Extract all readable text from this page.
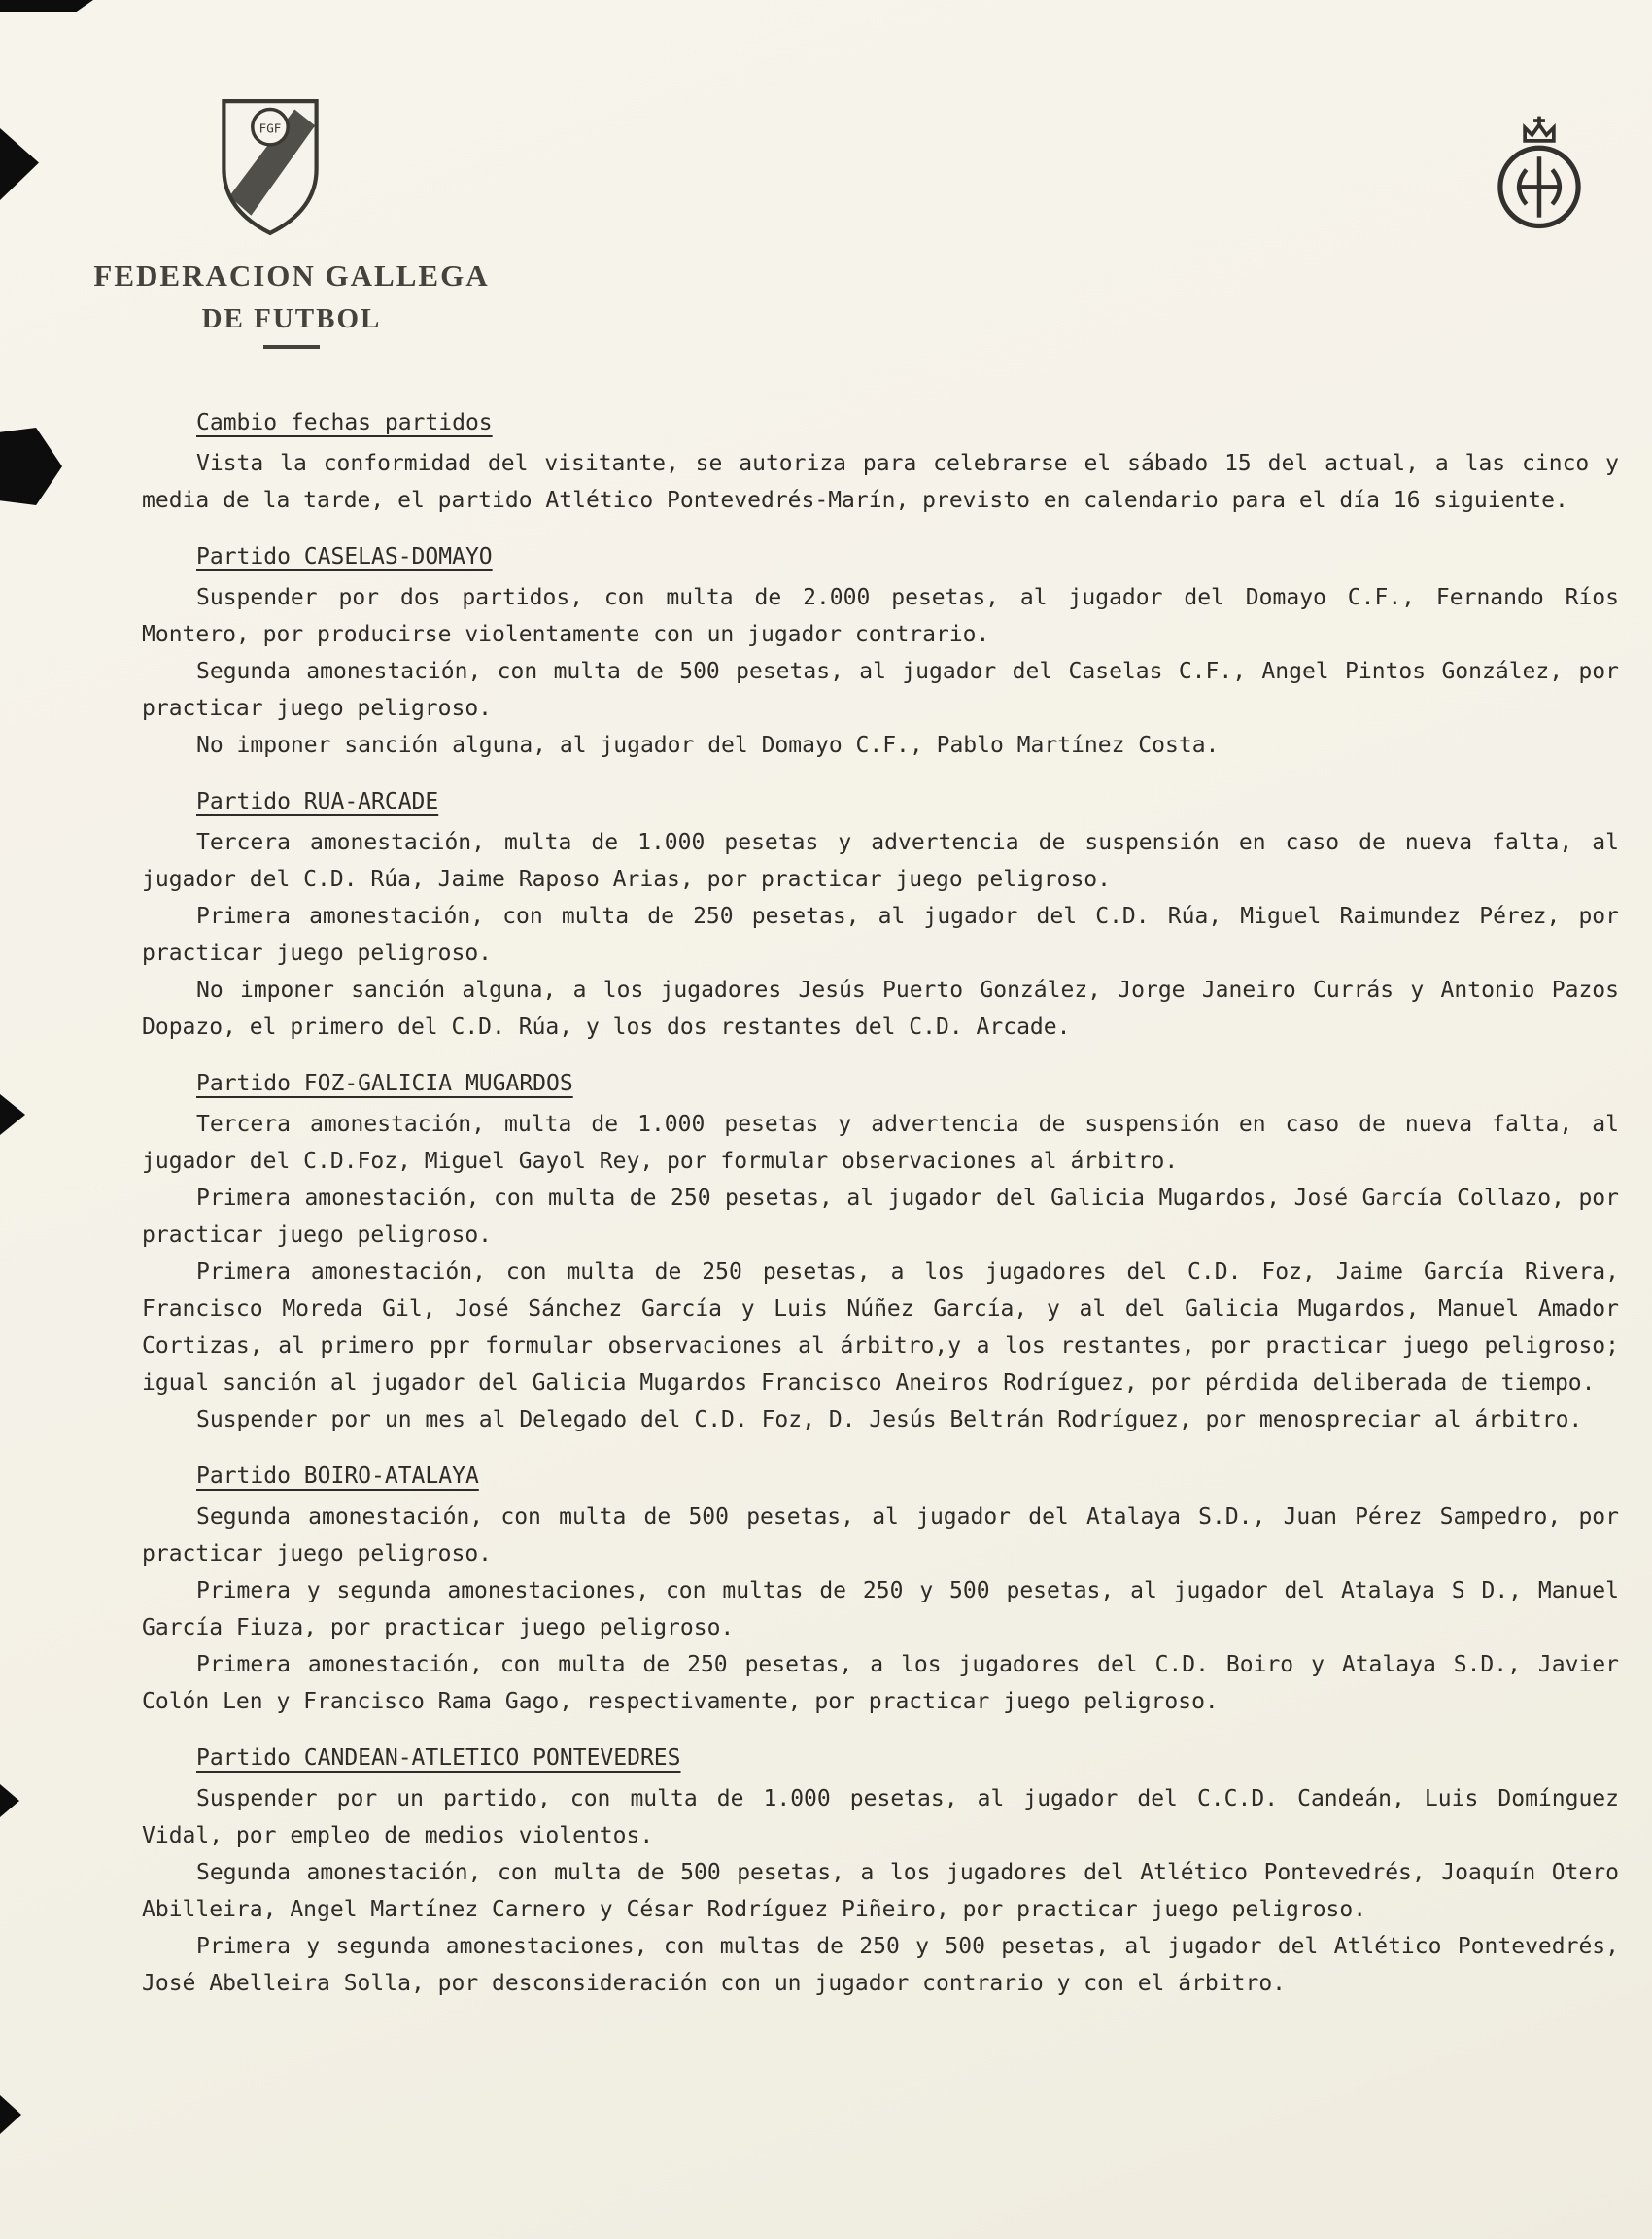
FGF
FEDERACION GALLEGA
DE FUTBOL
Cambio fechas partidos

Vista la conformidad del visitante, se autoriza para celebrarse el sábado 15 del actual, a las cinco y media de la tarde, el partido Atlético Pontevedrés-Marín, previsto en calendario para el día 16 siguiente.

Partido CASELAS-DOMAYO

Suspender por dos partidos, con multa de 2.000 pesetas, al jugador del Domayo C.F., Fernando Ríos Montero, por producirse violentamente con un jugador contrario.

Segunda amonestación, con multa de 500 pesetas, al jugador del Caselas C.F., Angel Pintos González, por practicar juego peligroso.

No imponer sanción alguna, al jugador del Domayo C.F., Pablo Martínez Costa.

Partido RUA-ARCADE

Tercera amonestación, multa de 1.000 pesetas y advertencia de suspensión en caso de nueva falta, al jugador del C.D. Rúa, Jaime Raposo Arias, por practicar juego peligroso.

Primera amonestación, con multa de 250 pesetas, al jugador del C.D. Rúa, Miguel Raimundez Pérez, por practicar juego peligroso.

No imponer sanción alguna, a los jugadores Jesús Puerto González, Jorge Janeiro Currás y Antonio Pazos Dopazo, el primero del C.D. Rúa, y los dos restantes del C.D. Arcade.

Partido FOZ-GALICIA MUGARDOS

Tercera amonestación, multa de 1.000 pesetas y advertencia de suspensión en caso de nueva falta, al jugador del C.D.Foz, Miguel Gayol Rey, por formular observaciones al árbitro.

Primera amonestación, con multa de 250 pesetas, al jugador del Galicia Mugardos, José García Collazo, por practicar juego peligroso.

Primera amonestación, con multa de 250 pesetas, a los jugadores del C.D. Foz, Jaime García Rivera, Francisco Moreda Gil, José Sánchez García y Luis Núñez García, y al del Galicia Mugardos, Manuel Amador Cortizas, al primero ppr formular observaciones al árbitro,y a los restantes, por practicar juego peligroso; igual sanción al jugador del Galicia Mugardos Francisco Aneiros Rodríguez, por pérdida deliberada de tiempo.

Suspender por un mes al Delegado del C.D. Foz, D. Jesús Beltrán Rodríguez, por menospreciar al árbitro.

Partido BOIRO-ATALAYA

Segunda amonestación, con multa de 500 pesetas, al jugador del Atalaya S.D., Juan Pérez Sampedro, por practicar juego peligroso.

Primera y segunda amonestaciones, con multas de 250 y 500 pesetas, al jugador del Atalaya S D., Manuel García Fiuza, por practicar juego peligroso.

Primera amonestación, con multa de 250 pesetas, a los jugadores del C.D. Boiro y Atalaya S.D., Javier Colón Len y Francisco Rama Gago, respectivamente, por practicar juego peligroso.

Partido CANDEAN-ATLETICO PONTEVEDRES

Suspender por un partido, con multa de 1.000 pesetas, al jugador del C.C.D. Candeán, Luis Domínguez Vidal, por empleo de medios violentos.

Segunda amonestación, con multa de 500 pesetas, a los jugadores del Atlético Pontevedrés, Joaquín Otero Abilleira, Angel Martínez Carnero y César Rodríguez Piñeiro, por practicar juego peligroso.

Primera y segunda amonestaciones, con multas de 250 y 500 pesetas, al jugador del Atlético Pontevedrés, José Abelleira Solla, por desconsideración con un jugador contrario y con el árbitro.
